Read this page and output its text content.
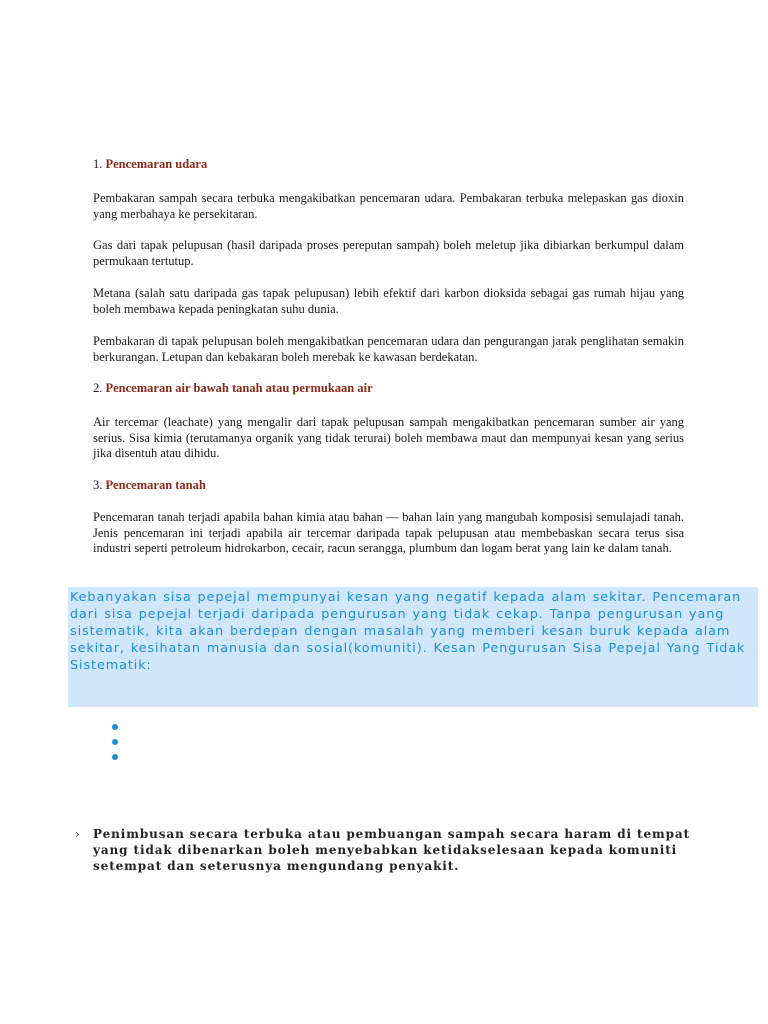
1. Pencemaran udara

Pembakaran sampah secara terbuka mengakibatkan pencemaran udara. Pembakaran terbuka melepaskan gas dioxin yang merbahaya ke persekitaran.

Gas dari tapak pelupusan (hasil daripada proses pereputan sampah) boleh meletup jika dibiarkan berkumpul dalam permukaan tertutup.

Metana (salah satu daripada gas tapak pelupusan) lebih efektif dari karbon dioksida sebagai gas rumah hijau yang boleh membawa kepada peningkatan suhu dunia.

Pembakaran di tapak pelupusan boleh mengakibatkan pencemaran udara dan pengurangan jarak penglihatan semakin berkurangan. Letupan dan kebakaran boleh merebak ke kawasan berdekatan.

2. Pencemaran air bawah tanah atau permukaan air

Air tercemar (leachate) yang mengalir dari tapak pelupusan sampah mengakibatkan pencemaran sumber air yang serius. Sisa kimia (terutamanya organik yang tidak terurai) boleh membawa maut dan mempunyai kesan yang serius jika disentuh atau dihidu.

3. Pencemaran tanah

Pencemaran tanah terjadi apabila bahan kimia atau bahan — bahan lain yang mangubah komposisi semulajadi tanah. Jenis pencemaran ini terjadi apabila air tercemar daripada tapak pelupusan atau membebaskan secara terus sisa industri seperti petroleum hidrokarbon, cecair, racun serangga, plumbum dan logam berat yang lain ke dalam tanah.

Kebanyakan sisa pepejal mempunyai kesan yang negatif kepada alam sekitar. Pencemaran dari sisa pepejal terjadi daripada pengurusan yang tidak cekap. Tanpa pengurusan yang sistematik, kita akan berdepan dengan masalah yang memberi kesan buruk kepada alam sekitar, kesihatan manusia dan sosial(komuniti). Kesan Pengurusan Sisa Pepejal Yang Tidak Sistematik:

› Penimbusan secara terbuka atau pembuangan sampah secara haram di tempat yang tidak dibenarkan boleh menyebabkan ketidakselesaan kepada komuniti setempat dan seterusnya mengundang penyakit.
